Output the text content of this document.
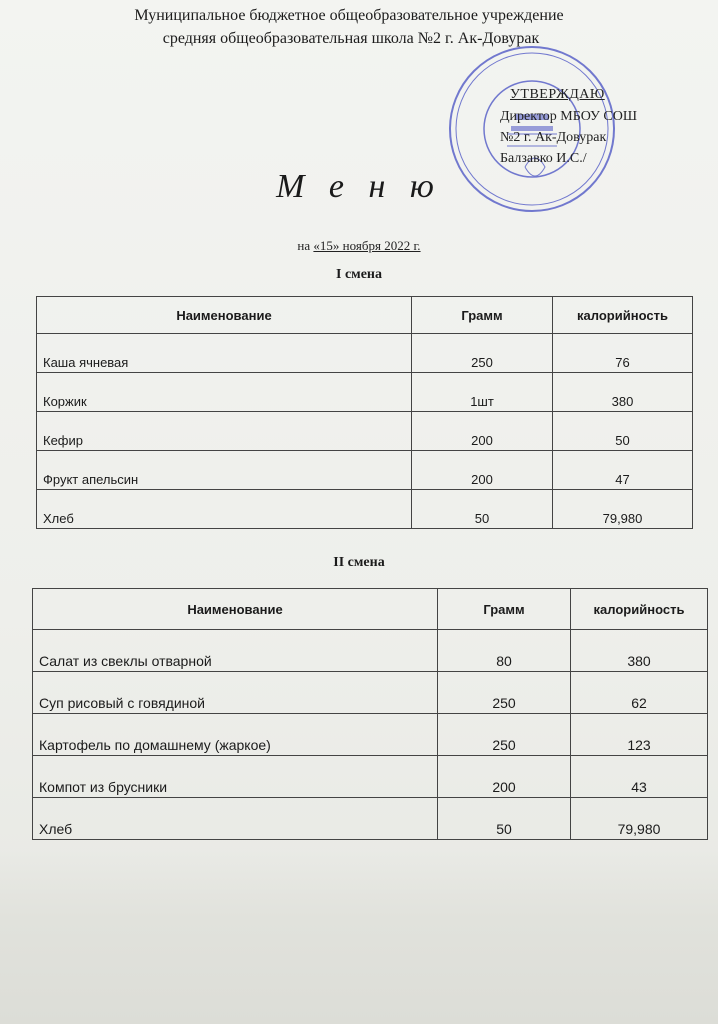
Муниципальное бюджетное общеобразовательное учреждение
средняя общеобразовательная школа №2 г. Ак-Довурак
УТВЕРЖДАЮ
Директор МБОУ СОШ
№2 г. Ак-Довурак
Балзавко И.С./
М е н ю
на «15» ноября 2022 г.
I смена
Наименование	Грамм	калорийность
Каша ячневая	250	76
Коржик	1шт	380
Кефир	200	50
Фрукт апельсин	200	47
Хлеб	50	79,980
II смена
Наименование	Грамм	калорийность
Салат из свеклы отварной	80	380
Суп рисовый с говядиной	250	62
Картофель по домашнему (жаркое)	250	123
Компот из брусники	200	43
Хлеб	50	79,980
